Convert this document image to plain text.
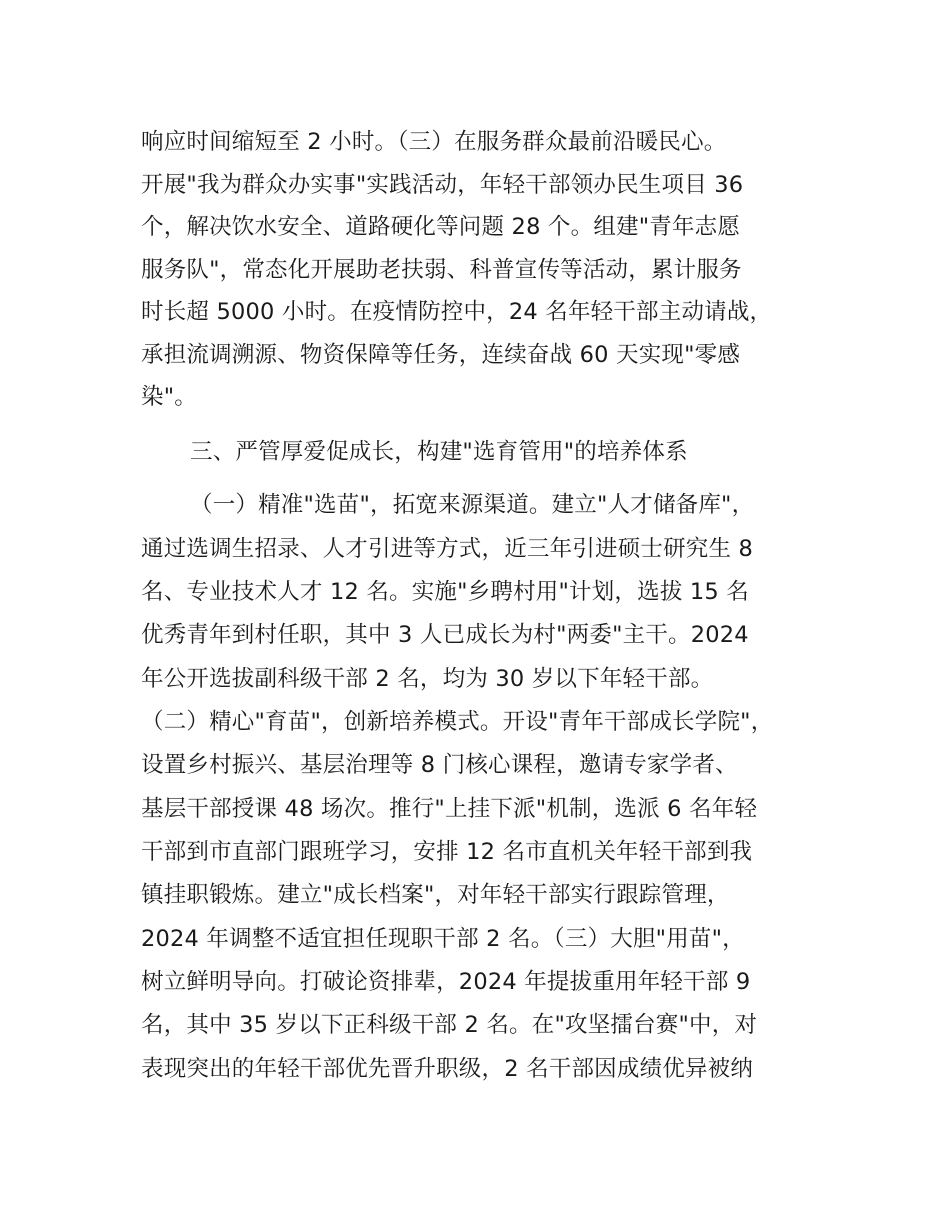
响应时间缩短至 2 小时。（三）在服务群众最前沿暖民心。
开展"我为群众办实事"实践活动，年轻干部领办民生项目 36
个，解决饮水安全、道路硬化等问题 28 个。组建"青年志愿
服务队"，常态化开展助老扶弱、科普宣传等活动，累计服务
时长超 5000 小时。在疫情防控中，24 名年轻干部主动请战，
承担流调溯源、物资保障等任务，连续奋战 60 天实现"零感
染"。
三、严管厚爱促成长，构建"选育管用"的培养体系
（一）精准"选苗"，拓宽来源渠道。建立"人才储备库"，
通过选调生招录、人才引进等方式，近三年引进硕士研究生 8
名、专业技术人才 12 名。实施"乡聘村用"计划，选拔 15 名
优秀青年到村任职，其中 3 人已成长为村"两委"主干。2024
年公开选拔副科级干部 2 名，均为 30 岁以下年轻干部。
（二）精心"育苗"，创新培养模式。开设"青年干部成长学院"，
设置乡村振兴、基层治理等 8 门核心课程，邀请专家学者、
基层干部授课 48 场次。推行"上挂下派"机制，选派 6 名年轻
干部到市直部门跟班学习，安排 12 名市直机关年轻干部到我
镇挂职锻炼。建立"成长档案"，对年轻干部实行跟踪管理，
2024 年调整不适宜担任现职干部 2 名。（三）大胆"用苗"，
树立鲜明导向。打破论资排辈，2024 年提拔重用年轻干部 9
名，其中 35 岁以下正科级干部 2 名。在"攻坚擂台赛"中，对
表现突出的年轻干部优先晋升职级，2 名干部因成绩优异被纳
